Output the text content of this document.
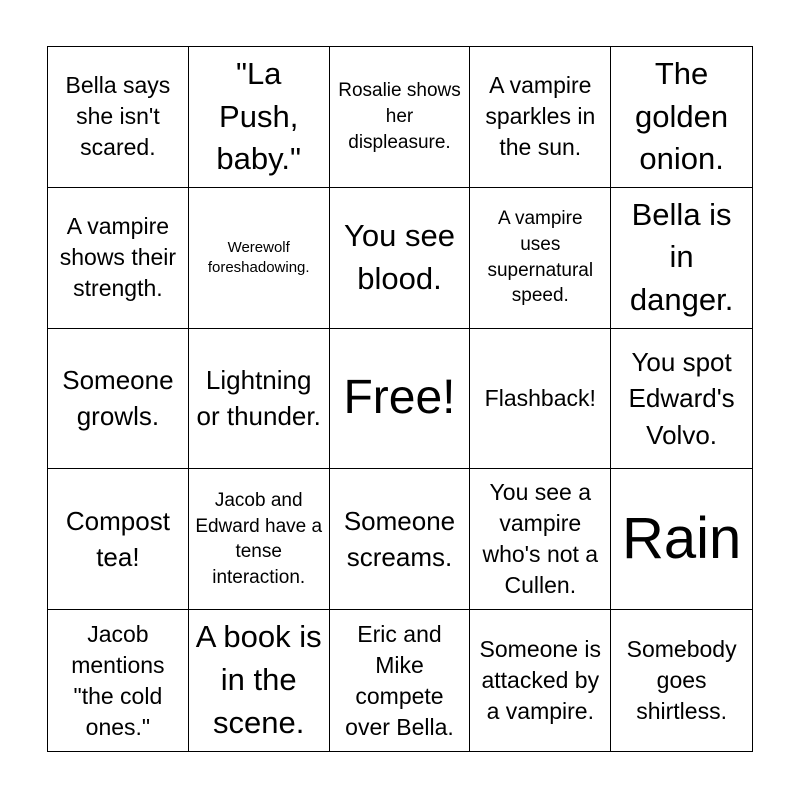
Bella says she isn't scared.
"La Push, baby."
Rosalie shows her displeasure.
A vampire sparkles in the sun.
The golden onion.
A vampire shows their strength.
Werewolf foreshadowing.
You see blood.
A vampire uses supernatural speed.
Bella is in danger.
Someone growls.
Lightning or thunder. Free! Flashback!
You spot Edward's Volvo.
Compost tea!
Jacob and Edward have a tense interaction.
Someone screams.
You see a vampire who's not a Cullen.
Rain
Jacob mentions "the cold ones."
A book is in the scene.
Eric and Mike compete over Bella.
Someone is attacked by a vampire.
Somebody goes shirtless.
